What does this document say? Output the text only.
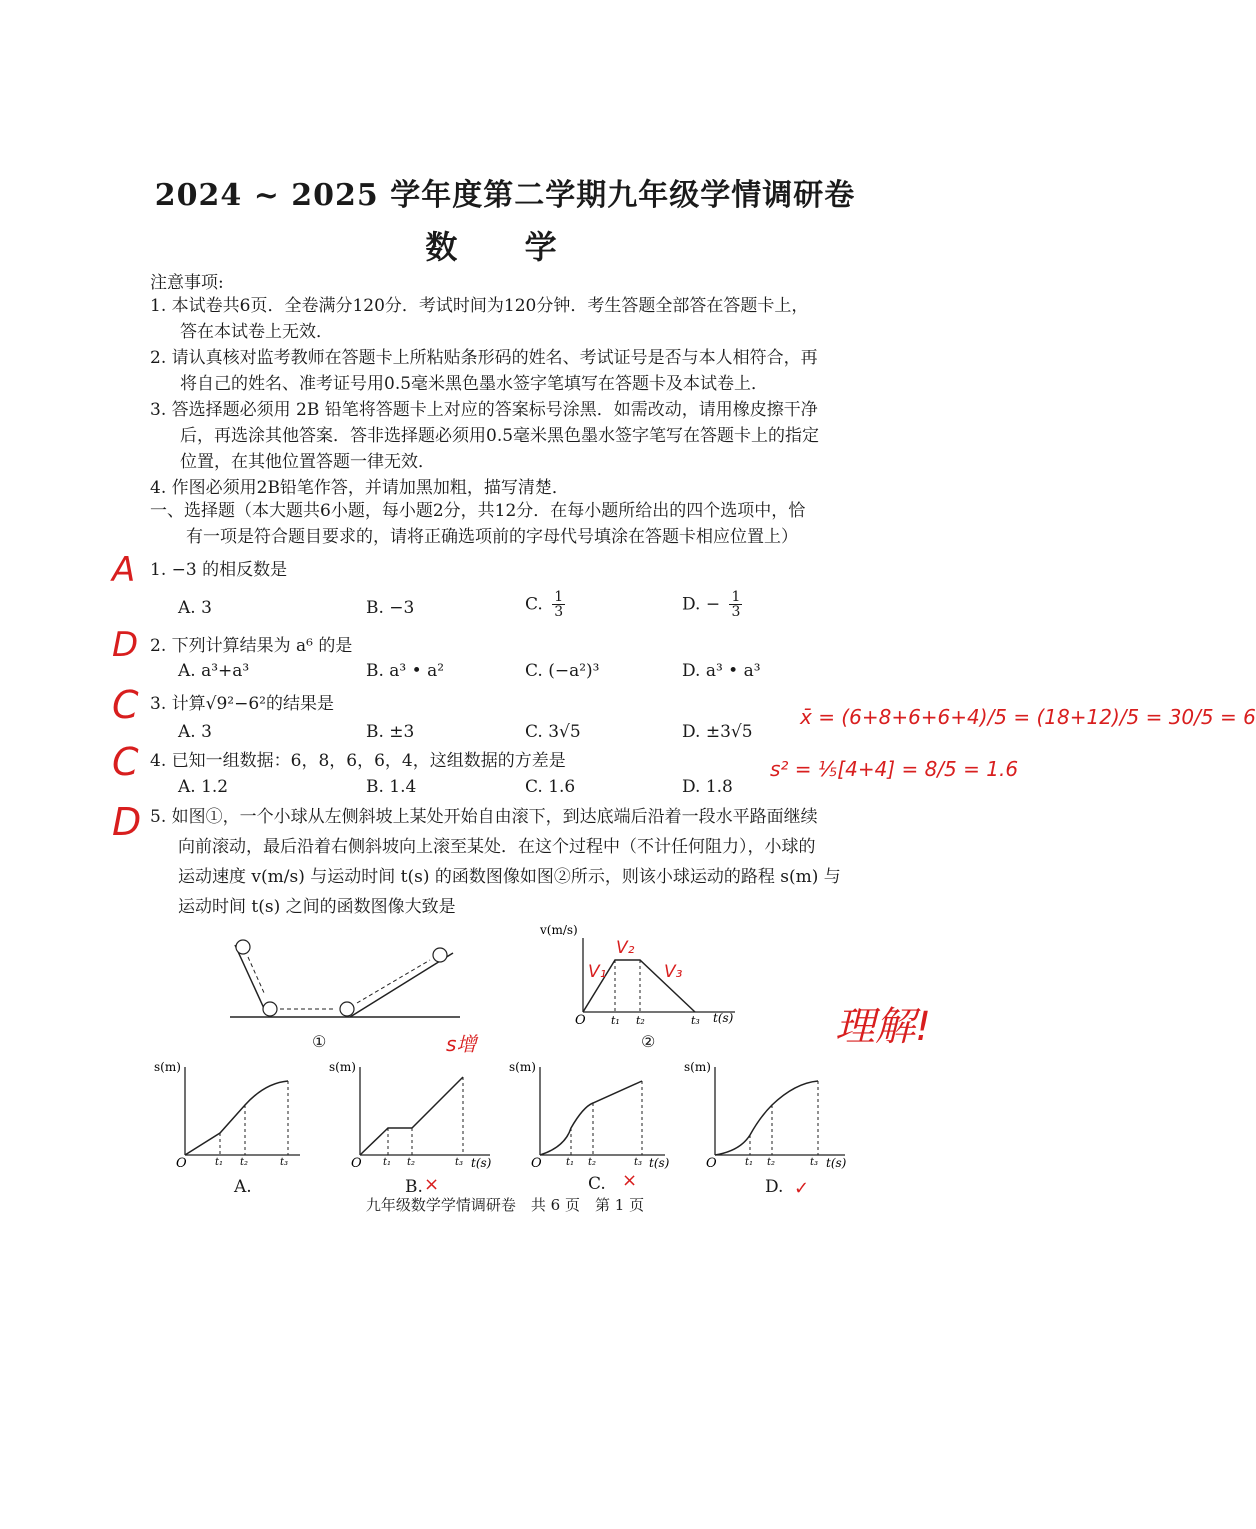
2024 ~ 2025 学年度第二学期九年级学情调研卷
数 学
注意事项:
1. 本试卷共6页．全卷满分120分．考试时间为120分钟．考生答题全部答在答题卡上，
答在本试卷上无效．
2. 请认真核对监考教师在答题卡上所粘贴条形码的姓名、考试证号是否与本人相符合，再
将自己的姓名、准考证号用0.5毫米黑色墨水签字笔填写在答题卡及本试卷上．
3. 答选择题必须用 2B 铅笔将答题卡上对应的答案标号涂黑．如需改动，请用橡皮擦干净
后，再选涂其他答案．答非选择题必须用0.5毫米黑色墨水签字笔写在答题卡上的指定
位置，在其他位置答题一律无效．
4. 作图必须用2B铅笔作答，并请加黑加粗，描写清楚．
一、选择题（本大题共6小题，每小题2分，共12分．在每小题所给出的四个选项中，恰
有一项是符合题目要求的，请将正确选项前的字母代号填涂在答题卡相应位置上）
1. −3 的相反数是
A. 3	B. −3	C. $\frac{1}{3}$	D. − $\frac{1}{3}$
2. 下列计算结果为 a⁶ 的是
A. a³+a³	B. a³ • a²	C. (−a²)³	D. a³ • a³
3. 计算√9²−6²的结果是
A. 3	B. ±3	C. 3√5	D. ±3√5
4. 已知一组数据：6，8，6，6，4，这组数据的方差是
A. 1.2	B. 1.4	C. 1.6	D. 1.8
5. 如图①，一个小球从左侧斜坡上某处开始自由滚下，到达底端后沿着一段水平路面继续
向前滚动，最后沿着右侧斜坡向上滚至某处．在这个过程中（不计任何阻力），小球的
运动速度 v(m/s) 与运动时间 t(s) 的函数图像如图②所示，则该小球运动的路程 s(m) 与
运动时间 t(s) 之间的函数图像大致是
①
v(m/s)
O t₁ t₂	t₃ t(s)
②
s(m)
O	t₁ t₂	t₃
A.
s(m)
O t₁ t₂	t₃ t(s)
B.
s(m)
O t₁ t₂	t₃ t(s)
C.
s(m)
O	t₁ t₂	t₃ t(s)
D.
九年级数学学情调研卷　共 6 页　第 1 页
A
D
C
C
D
x̄ = (6+8+6+6+4)/5 = (18+12)/5 = 30/5 = 6
s² = ⅕[4+4] = 8/5 = 1.6
V₁
V₂
V₃
s增
×	×	✓
理解!
